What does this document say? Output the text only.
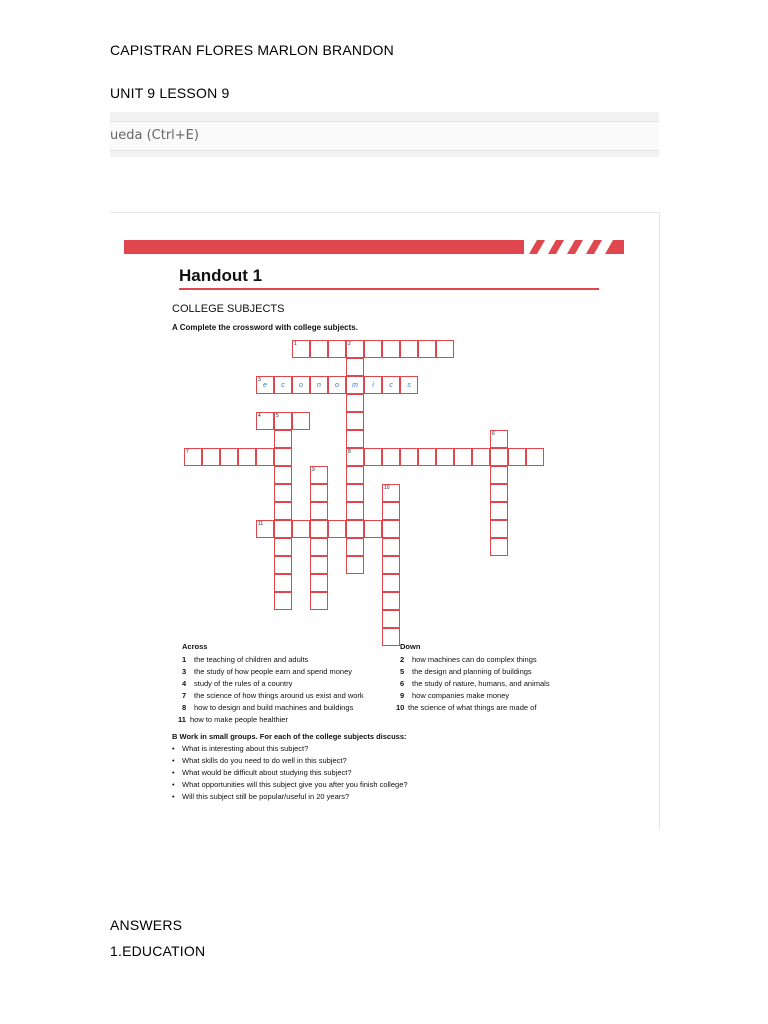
CAPISTRAN FLORES MARLON BRANDON
UNIT 9 LESSON 9
ueda (Ctrl+E)
Handout 1
COLLEGE SUBJECTS
A Complete the crossword with college subjects.
1	2
m
8
3
e	c	o	n	o	i	c	s
4	5
7
6
9
10
11
Across	Down
1 the teaching of children and adults
3 the study of how people earn and spend money
4 study of the rules of a country
7 the science of how things around us exist and work
8 how to design and build machines and buildings
11 how to make people healthier
2 how machines can do complex things
5 the design and planning of buildings
6 the study of nature, humans, and animals
9 how companies make money
10 the science of what things are made of
B Work in small groups. For each of the college subjects discuss:
• What is interesting about this subject?
• What skills do you need to do well in this subject?
• What would be difficult about studying this subject?
• What opportunities will this subject give you after you finish college?
• Will this subject still be popular/useful in 20 years?
ANSWERS
1.EDUCATION
